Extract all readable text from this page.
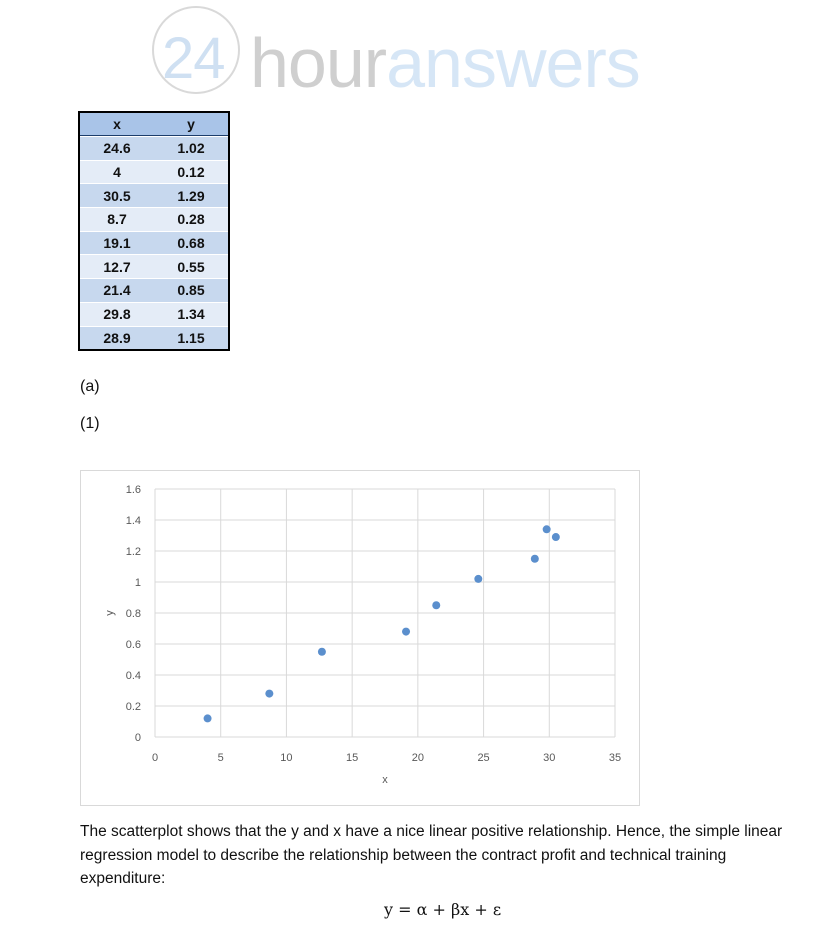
24 houranswers
x	y
24.6	1.02
4	0.12
30.5	1.29
8.7	0.28
19.1	0.68
12.7	0.55
21.4	0.85
29.8	1.34
28.9	1.15
(a)
(1)
0
0.2
0.4
0.6
0.8
1
1.2
1.4
1.6
0	5	10	15	20	25	30	35
x
y
The scatterplot shows that the y and x have a nice linear positive relationship. Hence, the simple linear regression model to describe the relationship between the contract profit and technical training expenditure:
y = α + βx + ε
